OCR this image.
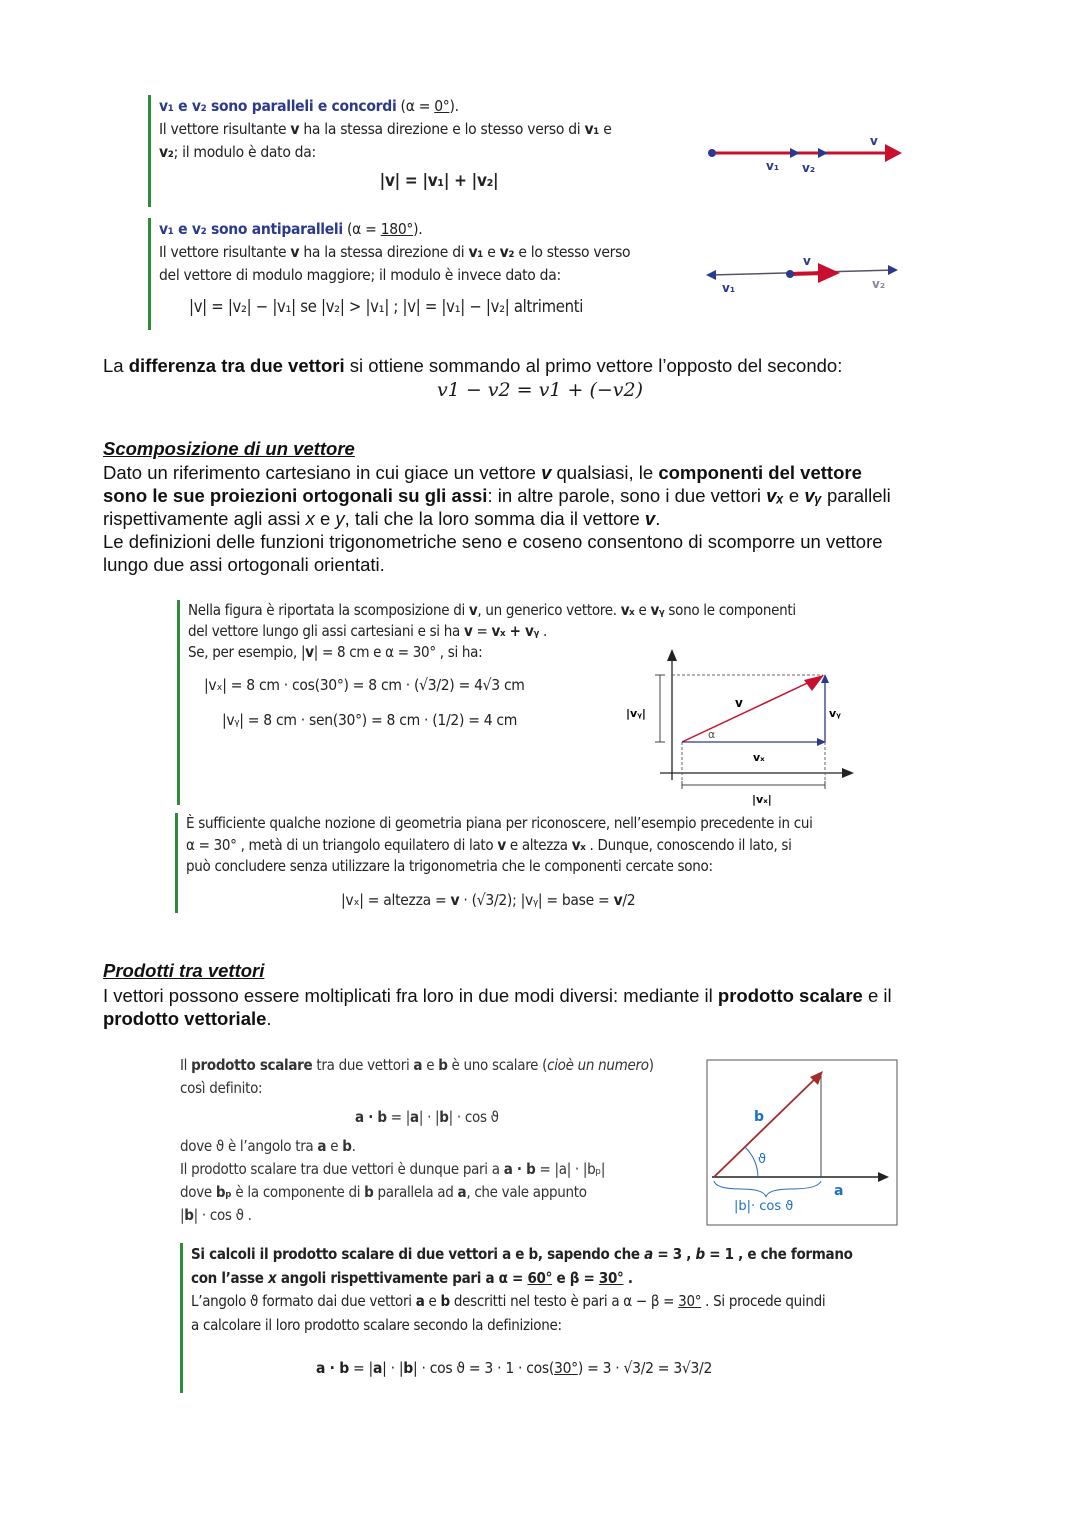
v₁ e v₂ sono paralleli e concordi (α = 0°).
Il vettore risultante v ha la stessa direzione e lo stesso verso di v₁ e
v₂; il modulo è dato da:
|v| = |v₁| + |v₂|
v
v₁ v₂
v₁ e v₂ sono antiparalleli (α = 180°).
Il vettore risultante v ha la stessa direzione di v₁ e v₂ e lo stesso verso
del vettore di modulo maggiore; il modulo è invece dato da:
|v| = |v₂| − |v₁| se |v₂| > |v₁| ; |v| = |v₁| − |v₂| altrimenti
v
v₁	v₂
La differenza tra due vettori si ottiene sommando al primo vettore l’opposto del secondo:
v1 − v2 = v1 + (−v2)
Scomposizione di un vettore
Dato un riferimento cartesiano in cui giace un vettore v qualsiasi, le componenti del vettore
sono le sue proiezioni ortogonali su gli assi: in altre parole, sono i due vettori vₓ e vᵧ paralleli
rispettivamente agli assi x e y, tali che la loro somma dia il vettore v.
Le definizioni delle funzioni trigonometriche seno e coseno consentono di scomporre un vettore
lungo due assi ortogonali orientati.
Nella figura è riportata la scomposizione di v, un generico vettore. vₓ e vᵧ sono le componenti
del vettore lungo gli assi cartesiani e si ha v = vₓ + vᵧ .
Se, per esempio, |v| = 8 cm e α = 30° , si ha:
|vₓ| = 8 cm · cos(30°) = 8 cm · (√3/2) = 4√3 cm
|vᵧ| = 8 cm · sen(30°) = 8 cm · (1/2) = 4 cm
v
α
vₓ
vᵧ
|vᵧ|
|vₓ|
È sufficiente qualche nozione di geometria piana per riconoscere, nell’esempio precedente in cui
α = 30° , metà di un triangolo equilatero di lato v e altezza vₓ . Dunque, conoscendo il lato, si
può concludere senza utilizzare la trigonometria che le componenti cercate sono:
|vₓ| = altezza = v · (√3/2); |vᵧ| = base = v/2
Prodotti tra vettori
I vettori possono essere moltiplicati fra loro in due modi diversi: mediante il prodotto scalare e il
prodotto vettoriale.
Il prodotto scalare tra due vettori a e b è uno scalare (cioè un numero)
così definito:
a · b = |a| · |b| · cos ϑ
dove ϑ è l’angolo tra a e b.
Il prodotto scalare tra due vettori è dunque pari a a · b = |a| · |bₚ|
dove bₚ è la componente di b parallela ad a, che vale appunto
|b| · cos ϑ .
b
ϑ
a
|b|· cos ϑ
Si calcoli il prodotto scalare di due vettori a e b, sapendo che a = 3 , b = 1 , e che formano
con l’asse x angoli rispettivamente pari a α = 60° e β = 30° .
L’angolo ϑ formato dai due vettori a e b descritti nel testo è pari a α − β = 30° . Si procede quindi
a calcolare il loro prodotto scalare secondo la definizione:
a · b = |a| · |b| · cos ϑ = 3 · 1 · cos(30°) = 3 · √3/2 = 3√3/2
